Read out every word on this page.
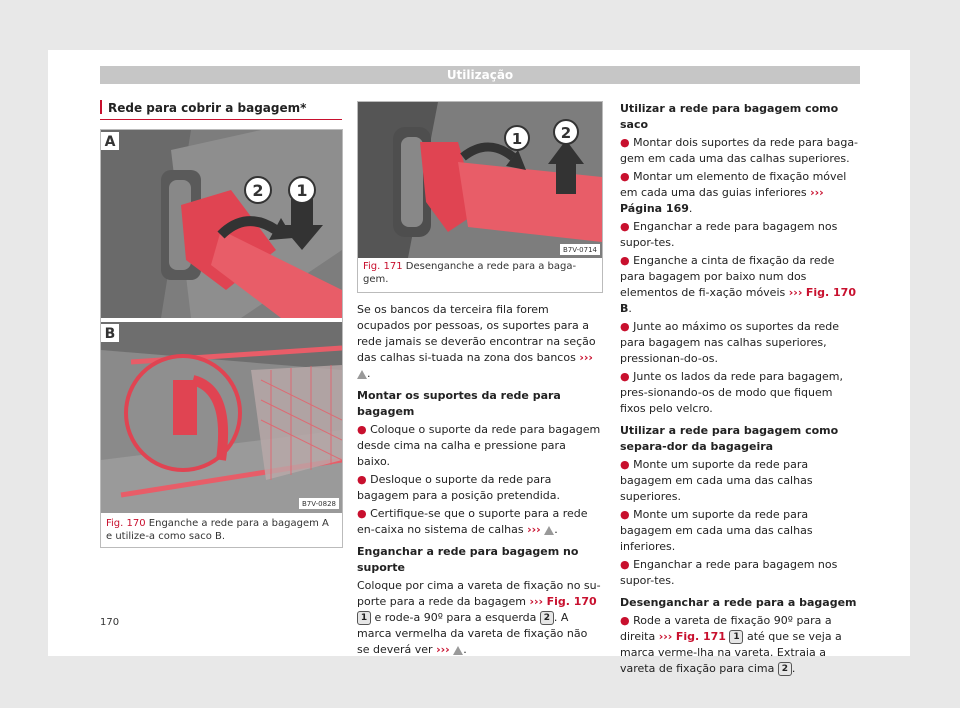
Utilização
Rede para cobrir a bagagem*
2 1
A
B
B7V-0828
Fig. 170 Enganche a rede para a bagagem A e utilize-a como saco B.
1	2
B7V-0714
Fig. 171 Desenganche a rede para a baga-gem.

Se os bancos da terceira fila forem ocupados por pessoas, os suportes para a rede jamais se deverão encontrar na seção das calhas si-tuada na zona dos bancos ››› .

Montar os suportes da rede para bagagem
● Coloque o suporte da rede para bagagem desde cima na calha e pressione para baixo.
● Desloque o suporte da rede para bagagem para a posição pretendida.
● Certifique-se que o suporte para a rede en-caixa no sistema de calhas ››› .
Enganchar a rede para bagagem no suporte

Coloque por cima a vareta de fixação no su-porte para a rede da bagagem ››› Fig. 170 1 e rode-a 90º para a esquerda 2 . A marca vermelha da vareta de fixação não se deverá ver ››› .

Utilizar a rede para bagagem como saco
● Montar dois suportes da rede para baga-gem em cada uma das calhas superiores.
● Montar um elemento de fixação móvel em cada uma das guias inferiores ››› Página 169.
● Enganchar a rede para bagagem nos supor-tes.
● Enganche a cinta de fixação da rede para bagagem por baixo num dos elementos de fi-xação móveis ››› Fig. 170 B.
● Junte ao máximo os suportes da rede para bagagem nas calhas superiores, pressionan-do-os.
● Junte os lados da rede para bagagem, pres-sionando-os de modo que fiquem fixos pelo velcro.
Utilizar a rede para bagagem como separa-dor da bagageira
● Monte um suporte da rede para bagagem em cada uma das calhas superiores.
● Monte um suporte da rede para bagagem em cada uma das calhas inferiores.
● Enganchar a rede para bagagem nos supor-tes.
Desenganchar a rede para a bagagem
● Rode a vareta de fixação 90º para a direita ››› Fig. 171 1 até que se veja a marca verme-lha na vareta. Extraia a vareta de fixação para cima 2 .
170
